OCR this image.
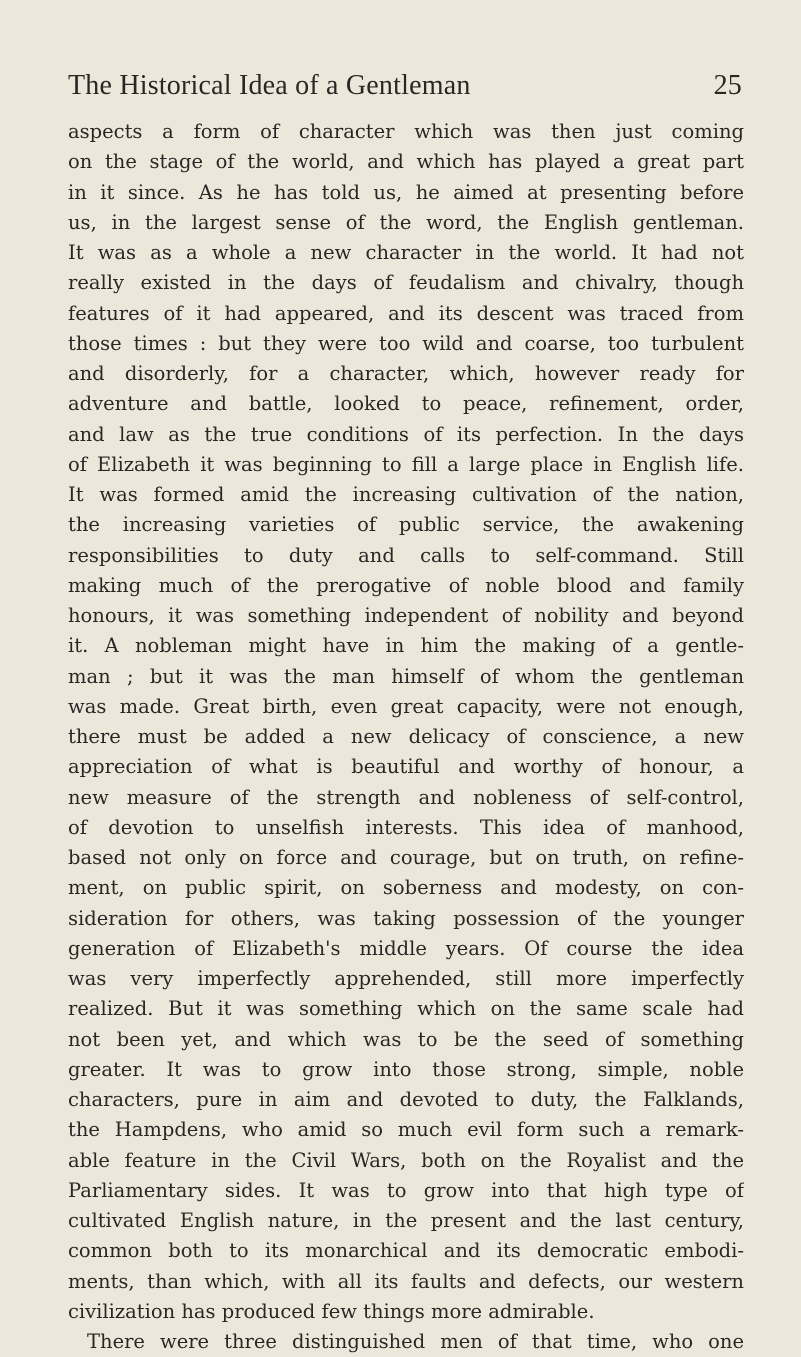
The Historical Idea of a Gentleman	25
aspects a form of character which was then just coming
on the stage of the world, and which has played a great part
in it since. As he has told us, he aimed at presenting before
us, in the largest sense of the word, the English gentleman.
It was as a whole a new character in the world. It had not
really existed in the days of feudalism and chivalry, though
features of it had appeared, and its descent was traced from
those times : but they were too wild and coarse, too turbulent
and disorderly, for a character, which, however ready for
adventure and battle, looked to peace, refinement, order,
and law as the true conditions of its perfection. In the days
of Elizabeth it was beginning to fill a large place in English life.
It was formed amid the increasing cultivation of the nation,
the increasing varieties of public service, the awakening
responsibilities to duty and calls to self-command. Still
making much of the prerogative of noble blood and family
honours, it was something independent of nobility and beyond
it. A nobleman might have in him the making of a gentle-
man ; but it was the man himself of whom the gentleman
was made. Great birth, even great capacity, were not enough,
there must be added a new delicacy of conscience, a new
appreciation of what is beautiful and worthy of honour, a
new measure of the strength and nobleness of self-control,
of devotion to unselfish interests. This idea of manhood,
based not only on force and courage, but on truth, on refine-
ment, on public spirit, on soberness and modesty, on con-
sideration for others, was taking possession of the younger
generation of Elizabeth's middle years. Of course the idea
was very imperfectly apprehended, still more imperfectly
realized. But it was something which on the same scale had
not been yet, and which was to be the seed of something
greater. It was to grow into those strong, simple, noble
characters, pure in aim and devoted to duty, the Falklands,
the Hampdens, who amid so much evil form such a remark-
able feature in the Civil Wars, both on the Royalist and the
Parliamentary sides. It was to grow into that high type of
cultivated English nature, in the present and the last century,
common both to its monarchical and its democratic embodi-
ments, than which, with all its faults and defects, our western
civilization has produced few things more admirable.
There were three distinguished men of that time, who one
